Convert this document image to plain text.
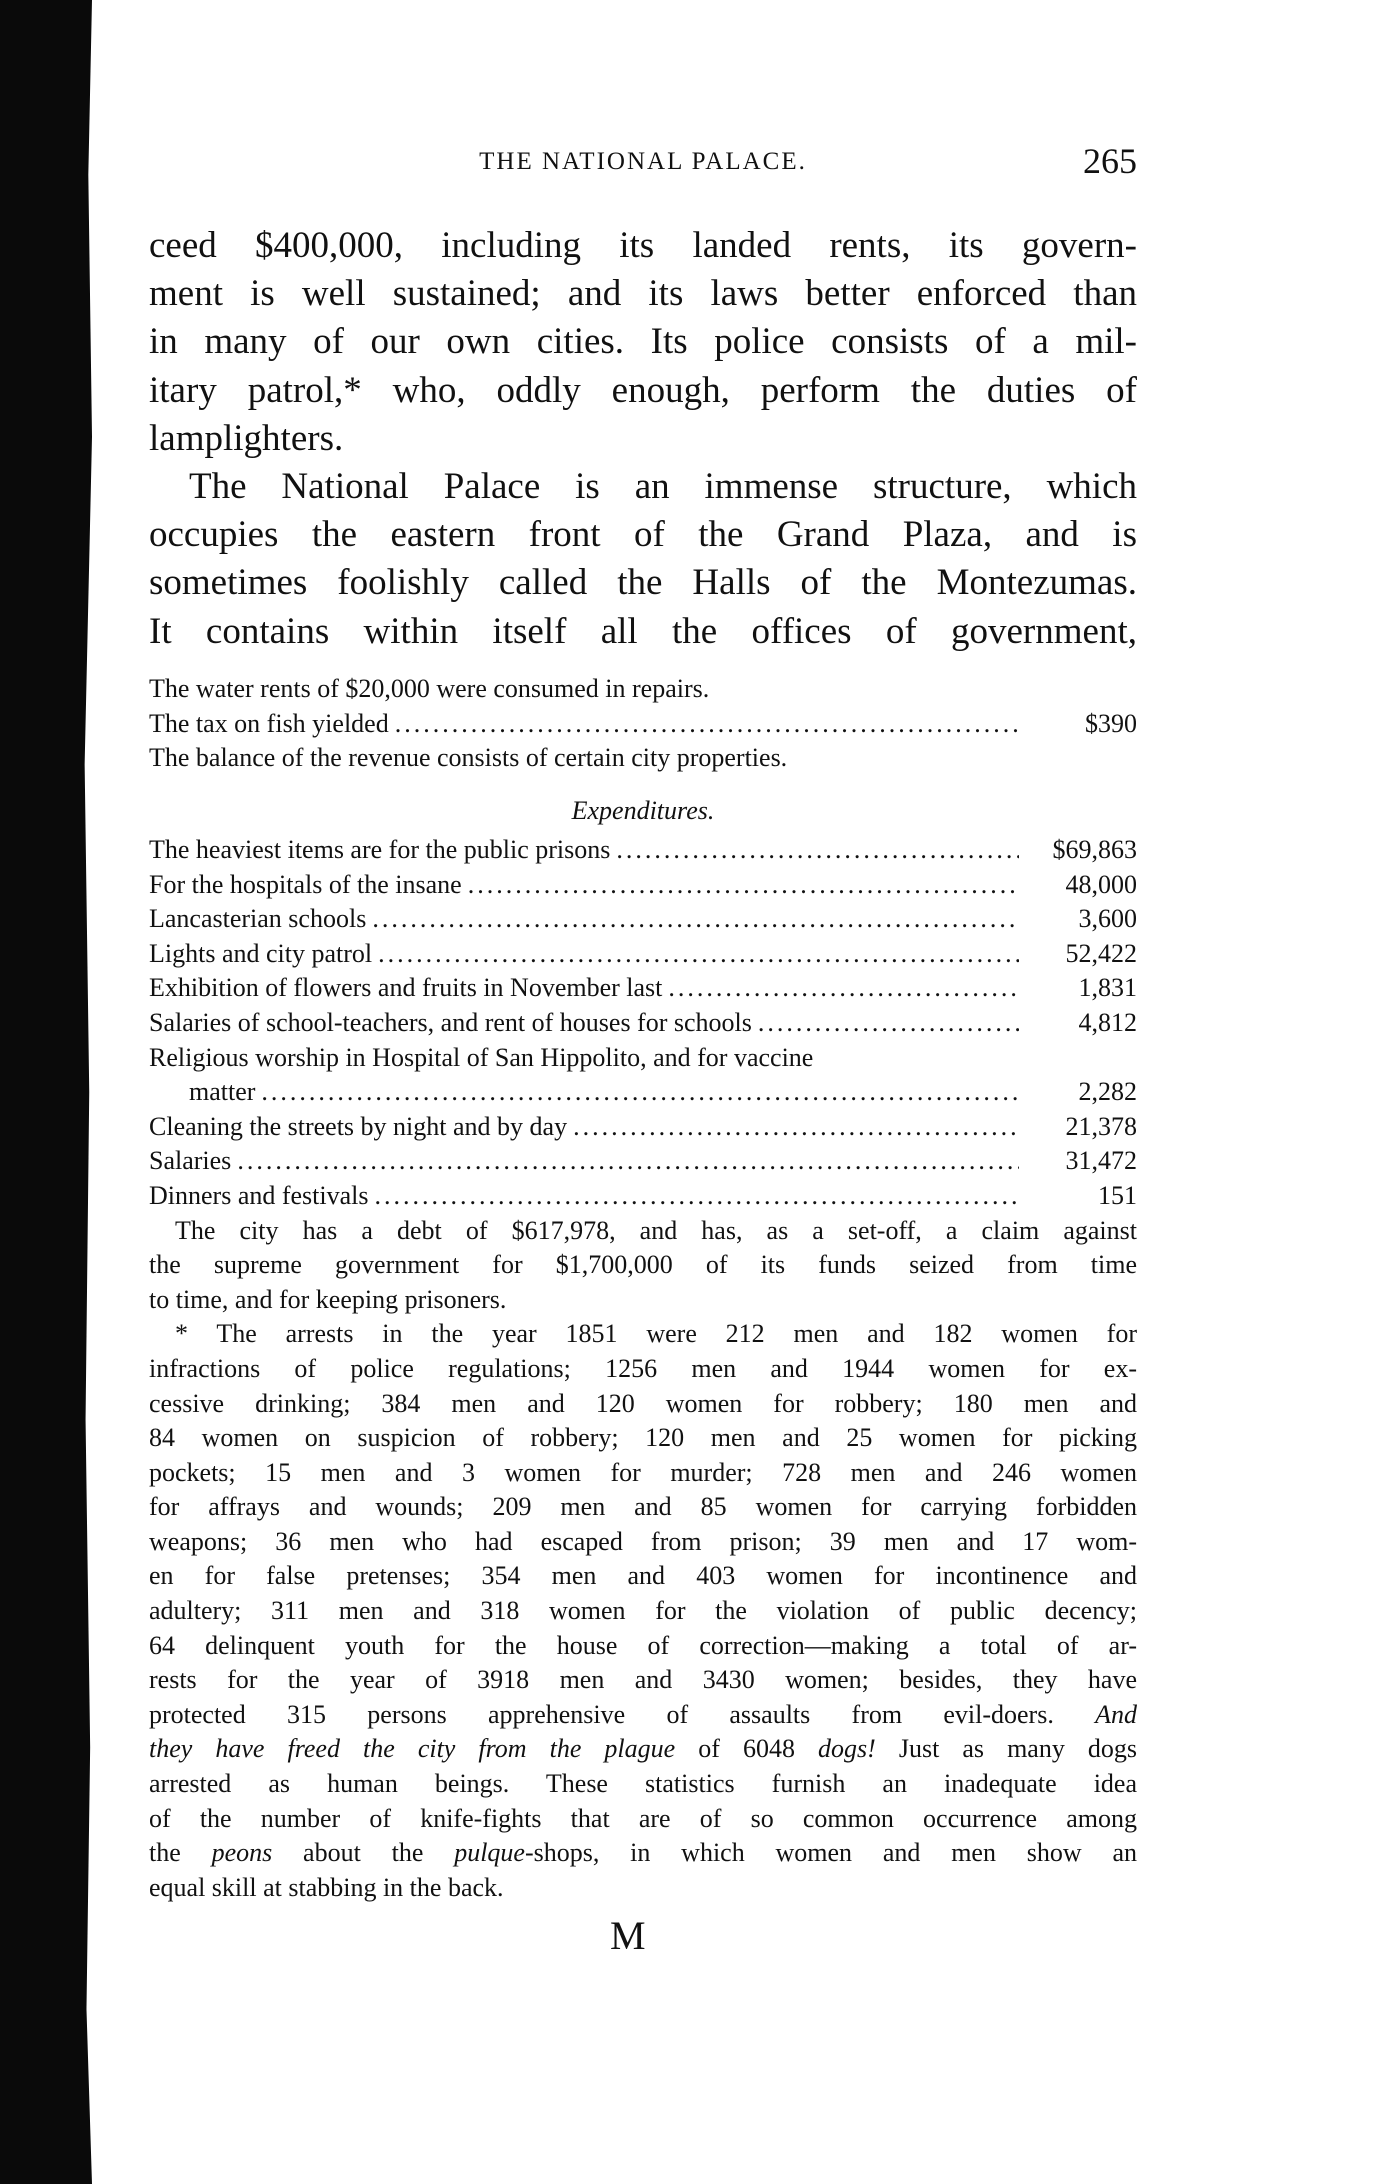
THE NATIONAL PALACE.	265
ceed $400,000, including its landed rents, its govern-
ment is well sustained; and its laws better enforced than
in many of our own cities. Its police consists of a mil-
itary patrol,* who, oddly enough, perform the duties of
lamplighters.
The National Palace is an immense structure, which
occupies the eastern front of the Grand Plaza, and is
sometimes foolishly called the Halls of the Montezumas.
It contains within itself all the offices of government,
The water rents of $20,000 were consumed in repairs.
The tax on fish yielded .....	$390
The balance of the revenue consists of certain city properties.
Expenditures.
The heaviest items are for the public prisons .....	$69,863
For the hospitals of the insane .....	48,000
Lancasterian schools .....	3,600
Lights and city patrol .....	52,422
Exhibition of flowers and fruits in November last .....	1,831
Salaries of school-teachers, and rent of houses for schools .....	4,812
Religious worship in Hospital of San Hippolito, and for vaccine
matter .....	2,282
Cleaning the streets by night and by day .....	21,378
Salaries .....	31,472
Dinners and festivals .....	151
The city has a debt of $617,978, and has, as a set-off, a claim against
the supreme government for $1,700,000 of its funds seized from time
to time, and for keeping prisoners.
* The arrests in the year 1851 were 212 men and 182 women for
infractions of police regulations; 1256 men and 1944 women for ex-
cessive drinking; 384 men and 120 women for robbery; 180 men and
84 women on suspicion of robbery; 120 men and 25 women for picking
pockets; 15 men and 3 women for murder; 728 men and 246 women
for affrays and wounds; 209 men and 85 women for carrying forbidden
weapons; 36 men who had escaped from prison; 39 men and 17 wom-
en for false pretenses; 354 men and 403 women for incontinence and
adultery; 311 men and 318 women for the violation of public decency;
64 delinquent youth for the house of correction—making a total of ar-
rests for the year of 3918 men and 3430 women; besides, they have
protected 315 persons apprehensive of assaults from evil-doers. And
they have freed the city from the plague of 6048 dogs! Just as many dogs
arrested as human beings. These statistics furnish an inadequate idea
of the number of knife-fights that are of so common occurrence among
the peons about the pulque-shops, in which women and men show an
equal skill at stabbing in the back.
M
